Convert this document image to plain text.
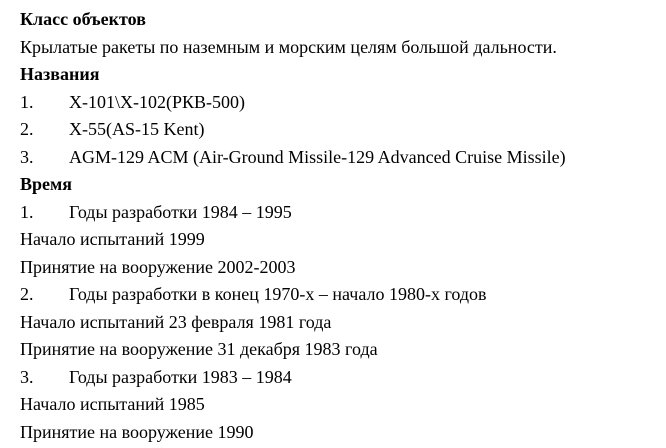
Класс объектов
Крылатые ракеты по наземным и морским целям большой дальности.
Названия
1. Х-101\Х-102(РКВ-500)
2. Х-55(AS-15 Kent)
3. AGM-129 ACM (Air-Ground Missile-129 Advanced Cruise Missile)
Время
1. Годы разработки 1984 – 1995
Начало испытаний 1999
Принятие на вооружение 2002-2003
2. Годы разработки в конец 1970-х – начало 1980-х годов
Начало испытаний 23 февраля 1981 года
Принятие на вооружение 31 декабря 1983 года
3. Годы разработки 1983 – 1984
Начало испытаний 1985
Принятие на вооружение 1990
